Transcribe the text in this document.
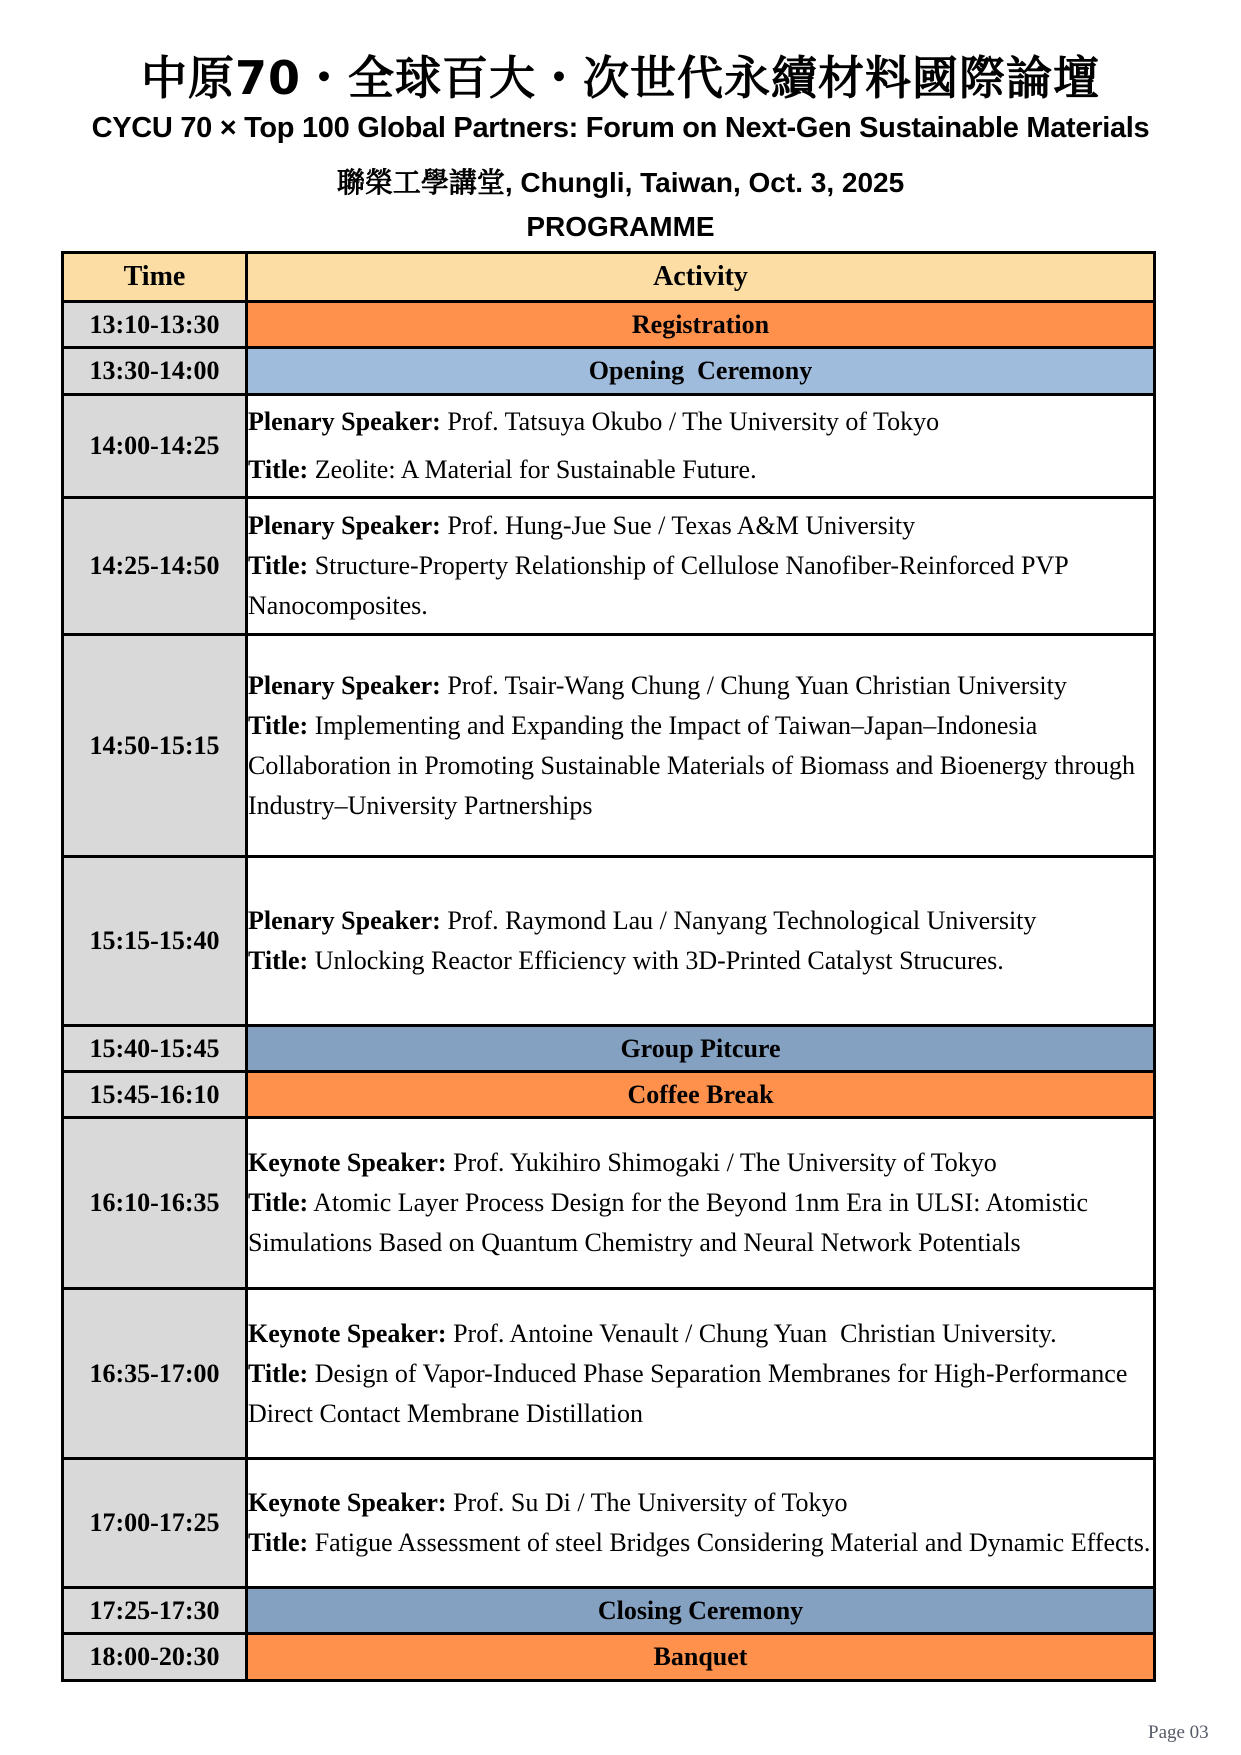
中原70・全球百大・次世代永續材料國際論壇
CYCU 70 × Top 100 Global Partners: Forum on Next-Gen Sustainable Materials
聯榮工學講堂, Chungli, Taiwan, Oct. 3, 2025
PROGRAMME
Time	Activity
13:10-13:30	Registration
13:30-14:00	Opening  Ceremony
14:00-14:25	Plenary Speaker: Prof. Tatsuya Okubo / The University of Tokyo
Title: Zeolite: A Material for Sustainable Future.

14:25-14:50	Plenary Speaker: Prof. Hung-Jue Sue / Texas A&M University
Title: Structure-Property Relationship of Cellulose Nanofiber-Reinforced PVP Nanocomposites.

14:50-15:15	Plenary Speaker: Prof. Tsair-Wang Chung / Chung Yuan Christian University
Title: Implementing and Expanding the Impact of Taiwan–Japan–Indonesia Collaboration in Promoting Sustainable Materials of Biomass and Bioenergy through Industry–University Partnerships

15:15-15:40	Plenary Speaker: Prof. Raymond Lau / Nanyang Technological University
Title: Unlocking Reactor Efficiency with 3D-Printed Catalyst Strucures.

15:40-15:45	Group Pitcure
15:45-16:10	Coffee Break
16:10-16:35	Keynote Speaker: Prof. Yukihiro Shimogaki / The University of Tokyo
Title: Atomic Layer Process Design for the Beyond 1nm Era in ULSI: Atomistic Simulations Based on Quantum Chemistry and Neural Network Potentials

16:35-17:00	Keynote Speaker: Prof. Antoine Venault / Chung Yuan  Christian University.
Title: Design of Vapor-Induced Phase Separation Membranes for High-Performance Direct Contact Membrane Distillation

17:00-17:25	Keynote Speaker: Prof. Su Di / The University of Tokyo
Title: Fatigue Assessment of steel Bridges Considering Material and Dynamic Effects.

17:25-17:30	Closing Ceremony
18:00-20:30	Banquet
Page 03
